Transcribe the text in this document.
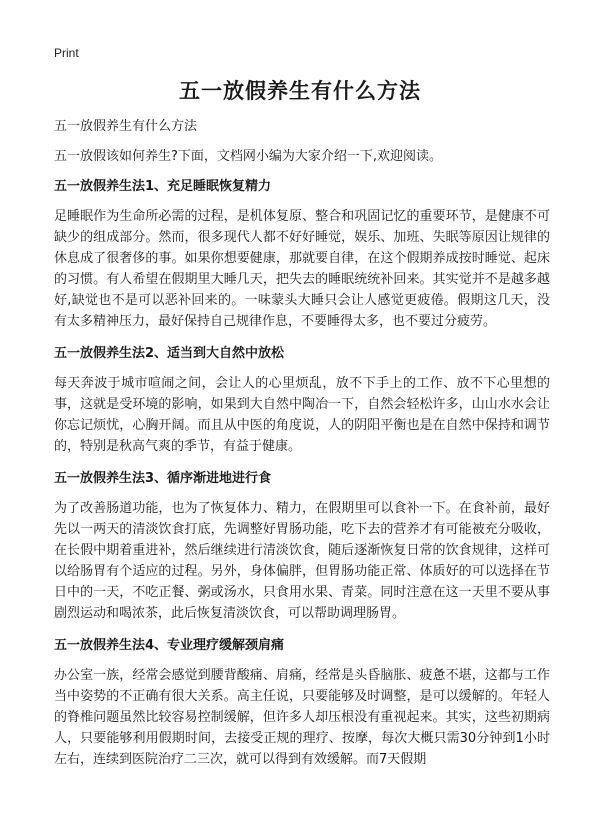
Print
五一放假养生有什么方法

五一放假养生有什么方法

五一放假该如何养生?下面，文档网小编为大家介绍一下,欢迎阅读。

五一放假养生法1、充足睡眠恢复精力

足睡眠作为生命所必需的过程，是机体复原、整合和巩固记忆的重要环节，是健康不可缺少的组成部分。然而，很多现代人都不好好睡觉，娱乐、加班、失眠等原因让规律的休息成了很奢侈的事。如果你想要健康，那就要自律，在这个假期养成按时睡觉、起床的习惯。有人希望在假期里大睡几天，把失去的睡眠统统补回来。其实觉并不是越多越好,缺觉也不是可以恶补回来的。一味蒙头大睡只会让人感觉更疲倦。假期这几天，没有太多精神压力，最好保持自己规律作息，不要睡得太多，也不要过分疲劳。

五一放假养生法2、适当到大自然中放松

每天奔波于城市喧闹之间，会让人的心里烦乱，放不下手上的工作、放不下心里想的事，这就是受环境的影响，如果到大自然中陶冶一下，自然会轻松许多，山山水水会让你忘记烦忧，心胸开阔。而且从中医的角度说，人的阴阳平衡也是在自然中保持和调节的，特别是秋高气爽的季节，有益于健康。

五一放假养生法3、循序渐进地进行食

为了改善肠道功能，也为了恢复体力、精力，在假期里可以食补一下。在食补前，最好先以一两天的清淡饮食打底，先调整好胃肠功能，吃下去的营养才有可能被充分吸收，在长假中期着重进补，然后继续进行清淡饮食，随后逐渐恢复日常的饮食规律，这样可以给肠胃有个适应的过程。另外，身体偏胖，但胃肠功能正常、体质好的可以选择在节日中的一天，不吃正餐、粥或汤水，只食用水果、青菜。同时注意在这一天里不要从事剧烈运动和喝浓茶，此后恢复清淡饮食，可以帮助调理肠胃。

五一放假养生法4、专业理疗缓解颈肩痛

办公室一族，经常会感觉到腰背酸痛、肩痛，经常是头昏脑胀、疲惫不堪，这都与工作当中姿势的不正确有很大关系。高主任说，只要能够及时调整，是可以缓解的。年轻人的脊椎问题虽然比较容易控制缓解，但许多人却压根没有重视起来。其实，这些初期病人，只要能够利用假期时间，去接受正规的理疗、按摩，每次大概只需30分钟到1小时左右，连续到医院治疗二三次，就可以得到有效缓解。而7天假期
